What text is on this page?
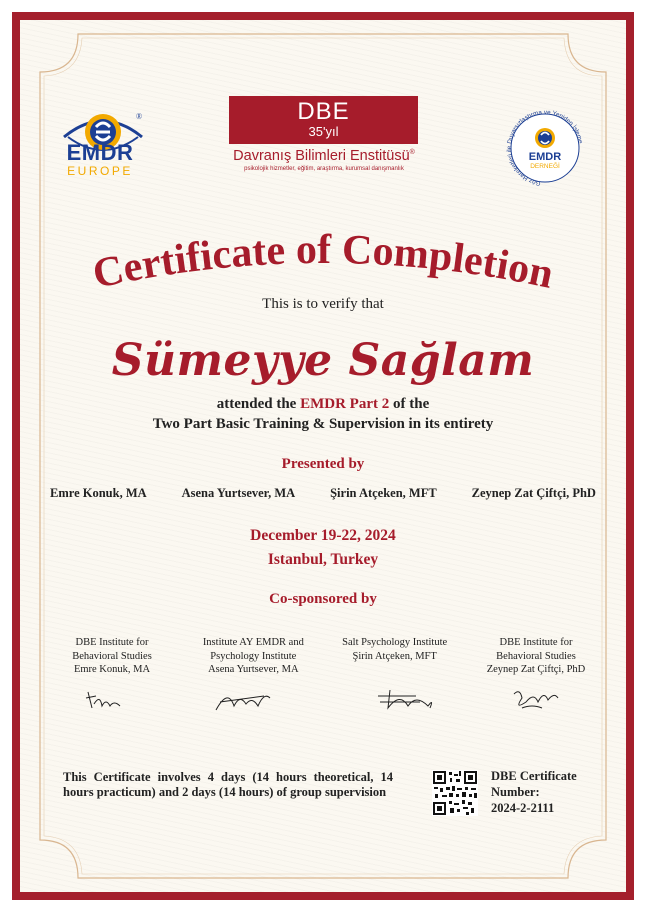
®
EMDR
EUROPE
DBE
35'yıl
Davranış Bilimleri Enstitüsü®
psikolojik hizmetler, eğitim, araştırma, kurumsal danışmanlık
Göz Hareketleri ile Duyarsızlaştırma ve Yeniden İşleme
EMDR
DERNEĞİ
Certificate of Completion
This is to verify that
Sümeyye Sağlam
attended the EMDR Part 2 of the
Two Part Basic Training & Supervision in its entirety
Presented by
Emre Konuk, MA	Asena Yurtsever, MA	Şirin Atçeken, MFT	Zeynep Zat Çiftçi, PhD
December 19-22, 2024
Istanbul, Turkey
Co-sponsored by
DBE Institute for
Behavioral Studies
Emre Konuk, MA
Institute AY EMDR and
Psychology Institute
Asena Yurtsever, MA
Salt Psychology Institute
Şirin Atçeken, MFT
DBE Institute for
Behavioral Studies
Zeynep Zat Çiftçi, PhD
This Certificate involves 4 days (14 hours theoretical, 14 hours practicum) and 2 days (14 hours) of group supervision
DBE Certificate
Number:
2024-2-2111
